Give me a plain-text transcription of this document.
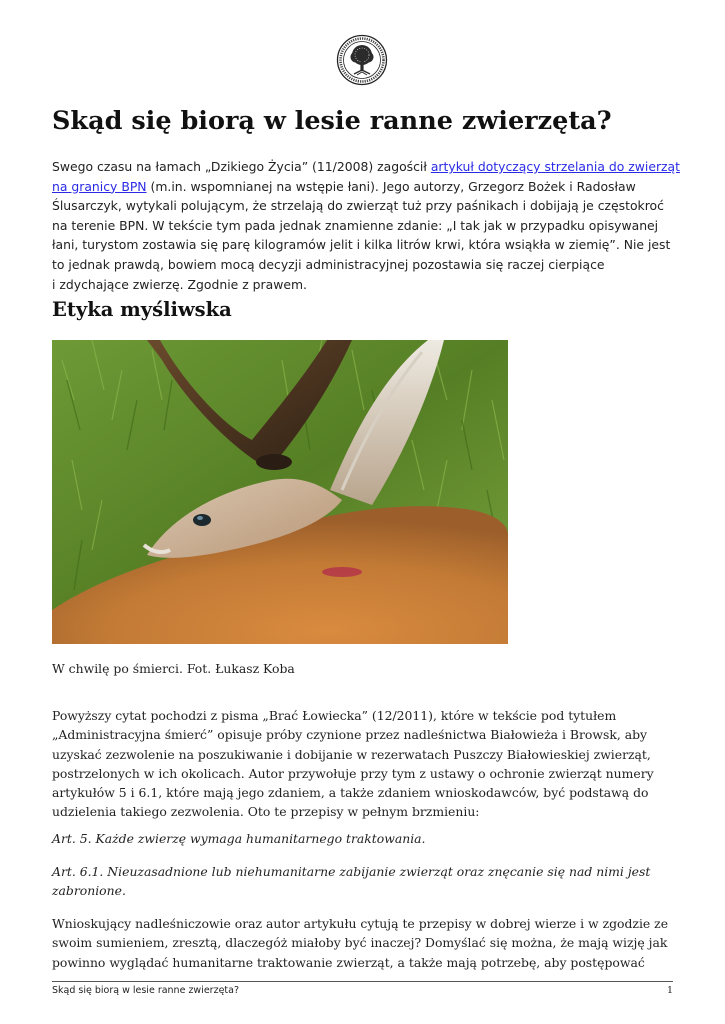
Skąd się biorą w lesie ranne zwierzęta?

Swego czasu na łamach „Dzikiego Życia” (11/2008) zagościł artykuł dotyczący strzelania do zwierząt
na granicy BPN (m.in. wspomnianej na wstępie łani). Jego autorzy, Grzegorz Bożek i Radosław
Ślusarczyk, wytykali polującym, że strzelają do zwierząt tuż przy paśnikach i dobijają je częstokroć
na terenie BPN. W tekście tym pada jednak znamienne zdanie: „I tak jak w przypadku opisywanej
łani, turystom zostawia się parę kilogramów jelit i kilka litrów krwi, która wsiąkła w ziemię”. Nie jest
to jednak prawdą, bowiem mocą decyzji administracyjnej pozostawia się raczej cierpiące
i zdychające zwierzę. Zgodnie z prawem.

Etyka myśliwska

W chwilę po śmierci. Fot. Łukasz Koba

Powyższy cytat pochodzi z pisma „Brać Łowiecka” (12/2011), które w tekście pod tytułem
„Administracyjna śmierć” opisuje próby czynione przez nadleśnictwa Białowieża i Browsk, aby
uzyskać zezwolenie na poszukiwanie i dobijanie w rezerwatach Puszczy Białowieskiej zwierząt,
postrzelonych w ich okolicach. Autor przywołuje przy tym z ustawy o ochronie zwierząt numery
artykułów 5 i 6.1, które mają jego zdaniem, a także zdaniem wnioskodawców, być podstawą do
udzielenia takiego zezwolenia. Oto te przepisy w pełnym brzmieniu:

Art. 5. Każde zwierzę wymaga humanitarnego traktowania.

Art. 6.1. Nieuzasadnione lub niehumanitarne zabijanie zwierząt oraz znęcanie się nad nimi jest
zabronione.

Wnioskujący nadleśniczowie oraz autor artykułu cytują te przepisy w dobrej wierze i w zgodzie ze
swoim sumieniem, zresztą, dlaczegóż miałoby być inaczej? Domyślać się można, że mają wizję jak
powinno wyglądać humanitarne traktowanie zwierząt, a także mają potrzebę, aby postępować

Skąd się biorą w lesie ranne zwierzęta?	1
